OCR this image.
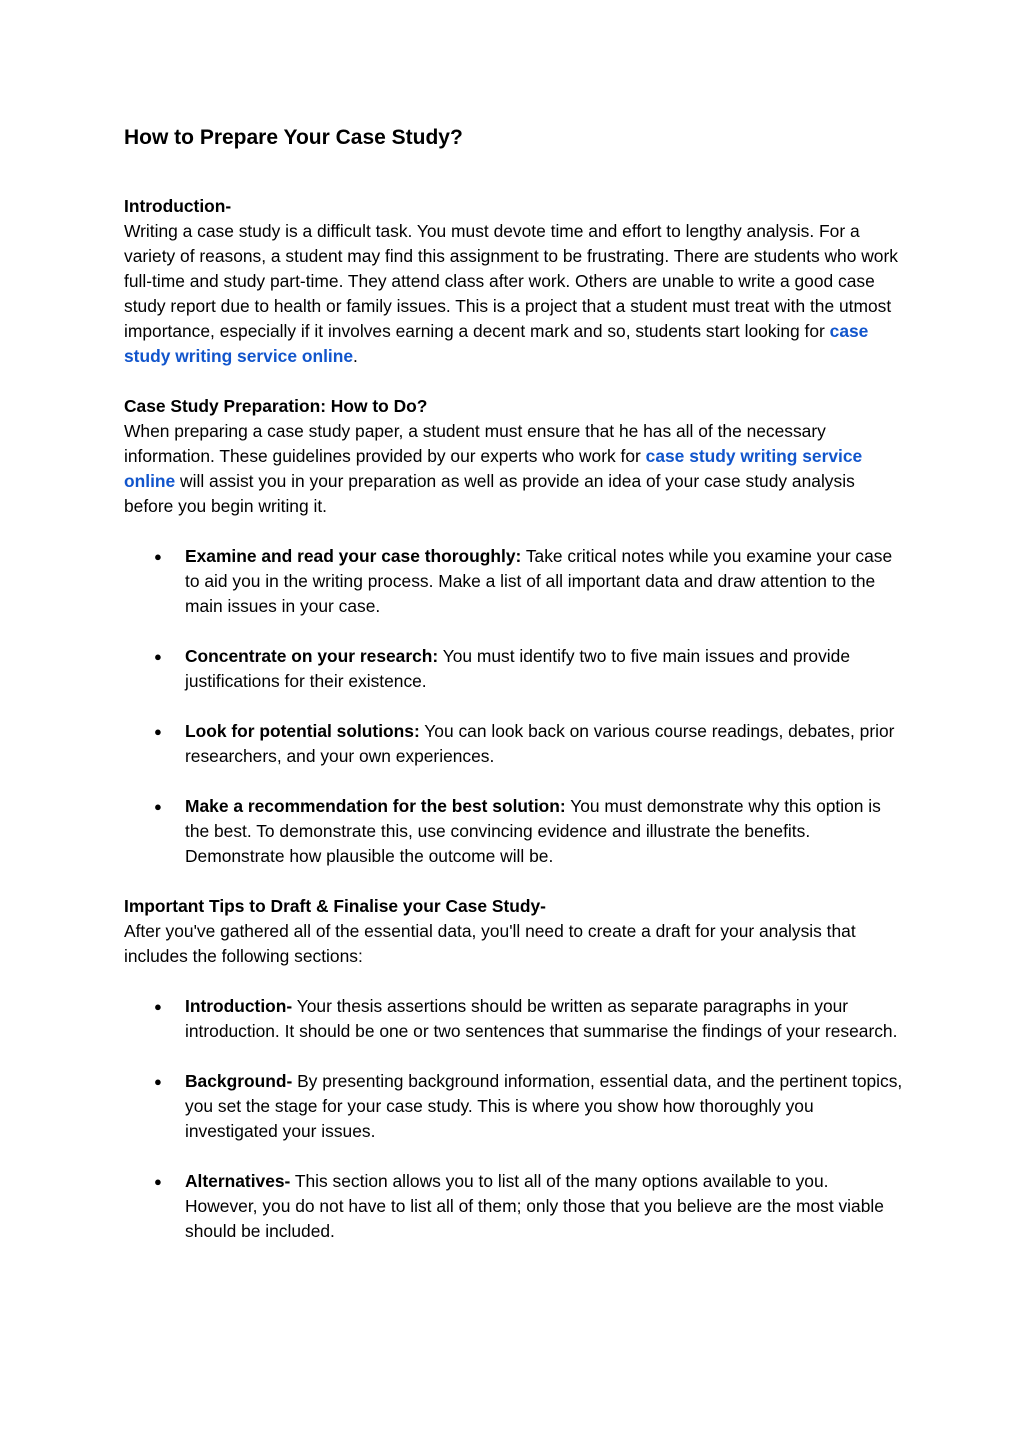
How to Prepare Your Case Study?
Introduction-

Writing a case study is a difficult task. You must devote time and effort to lengthy analysis. For a variety of reasons, a student may find this assignment to be frustrating. There are students who work full-time and study part-time. They attend class after work. Others are unable to write a good case study report due to health or family issues. This is a project that a student must treat with the utmost importance, especially if it involves earning a decent mark and so, students start looking for case study writing service online.

Case Study Preparation: How to Do?

When preparing a case study paper, a student must ensure that he has all of the necessary information. These guidelines provided by our experts who work for case study writing service online will assist you in your preparation as well as provide an idea of your case study analysis before you begin writing it.

● Examine and read your case thoroughly: Take critical notes while you examine your case to aid you in the writing process. Make a list of all important data and draw attention to the main issues in your case.
● Concentrate on your research: You must identify two to five main issues and provide justifications for their existence.
● Look for potential solutions: You can look back on various course readings, debates, prior researchers, and your own experiences.
● Make a recommendation for the best solution: You must demonstrate why this option is the best. To demonstrate this, use convincing evidence and illustrate the benefits. Demonstrate how plausible the outcome will be.
Important Tips to Draft & Finalise your Case Study-

After you've gathered all of the essential data, you'll need to create a draft for your analysis that includes the following sections:

● Introduction- Your thesis assertions should be written as separate paragraphs in your introduction. It should be one or two sentences that summarise the findings of your research.
● Background- By presenting background information, essential data, and the pertinent topics, you set the stage for your case study. This is where you show how thoroughly you investigated your issues.
● Alternatives- This section allows you to list all of the many options available to you. However, you do not have to list all of them; only those that you believe are the most viable should be included.
